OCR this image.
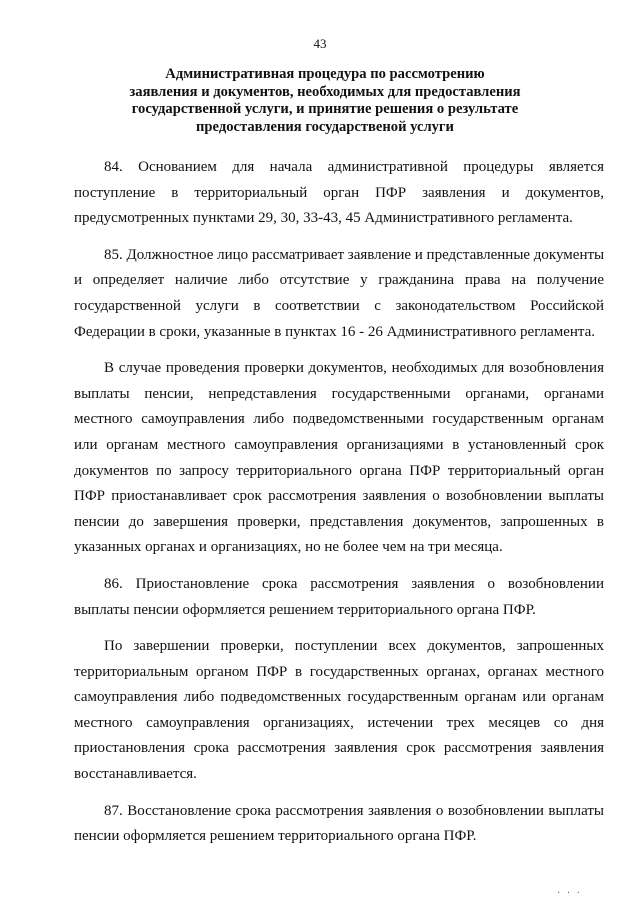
43
Административная процедура по рассмотрению
заявления и документов, необходимых для предоставления
государственной услуги, и принятие решения о результате
предоставления государственой услуги
84. Основанием для начала административной процедуры является
поступление в территориальный орган ПФР заявления и документов,
предусмотренных пунктами 29, 30, 33-43, 45 Административного регламента.
85. Должностное лицо рассматривает заявление и представленные документы
и определяет наличие либо отсутствие у гражданина права на получение
государственной услуги в соответствии с законодательством Российской
Федерации в сроки, указанные в пунктах 16 - 26 Административного регламента.
В случае проведения проверки документов, необходимых для возобновления
выплаты пенсии, непредставления государственными органами, органами
местного самоуправления либо подведомственными государственным органам
или органам местного самоуправления организациями в установленный срок
документов по запросу территориального органа ПФР территориальный орган
ПФР приостанавливает срок рассмотрения заявления о возобновлении выплаты
пенсии до завершения проверки, представления документов, запрошенных в
указанных органах и организациях, но не более чем на три месяца.
86. Приостановление срока рассмотрения заявления о возобновлении
выплаты пенсии оформляется решением территориального органа ПФР.
По завершении проверки, поступлении всех документов, запрошенных
территориальным органом ПФР в государственных органах, органах местного
самоуправления либо подведомственных государственным органам или органам
местного самоуправления организациях, истечении трех месяцев со дня
приостановления срока рассмотрения заявления срок рассмотрения заявления
восстанавливается.
87. Восстановление срока рассмотрения заявления о возобновлении выплаты
пенсии оформляется решением территориального органа ПФР.
· · ·
